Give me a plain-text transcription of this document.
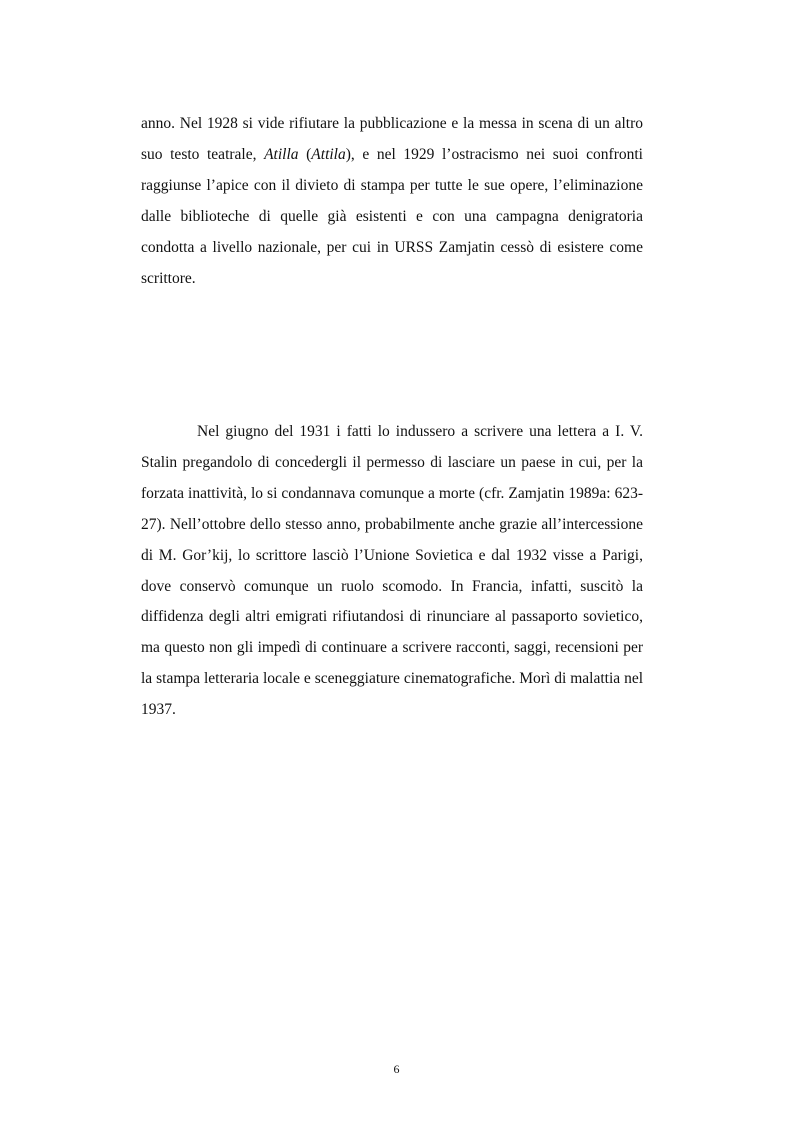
anno. Nel 1928 si vide rifiutare la pubblicazione e la messa in scena di un altro suo testo teatrale, Atilla (Attila), e nel 1929 l’ostracismo nei suoi confronti raggiunse l’apice con il divieto di stampa per tutte le sue opere, l’eliminazione dalle biblioteche di quelle già esistenti e con una campagna denigratoria condotta a livello nazionale, per cui in URSS Zamjatin cessò di esistere come scrittore.

Nel giugno del 1931 i fatti lo indussero a scrivere una lettera a I. V. Stalin pregandolo di concedergli il permesso di lasciare un paese in cui, per la forzata inattività, lo si condannava comunque a morte (cfr. Zamjatin 1989a: 623-27). Nell’ottobre dello stesso anno, probabilmente anche grazie all’intercessione di M. Gor’kij, lo scrittore lasciò l’Unione Sovietica e dal 1932 visse a Parigi, dove conservò comunque un ruolo scomodo. In Francia, infatti, suscitò la diffidenza degli altri emigrati rifiutandosi di rinunciare al passaporto sovietico, ma questo non gli impedì di continuare a scrivere racconti, saggi, recensioni per la stampa letteraria locale e sceneggiature cinematografiche. Morì di malattia nel 1937.

6
